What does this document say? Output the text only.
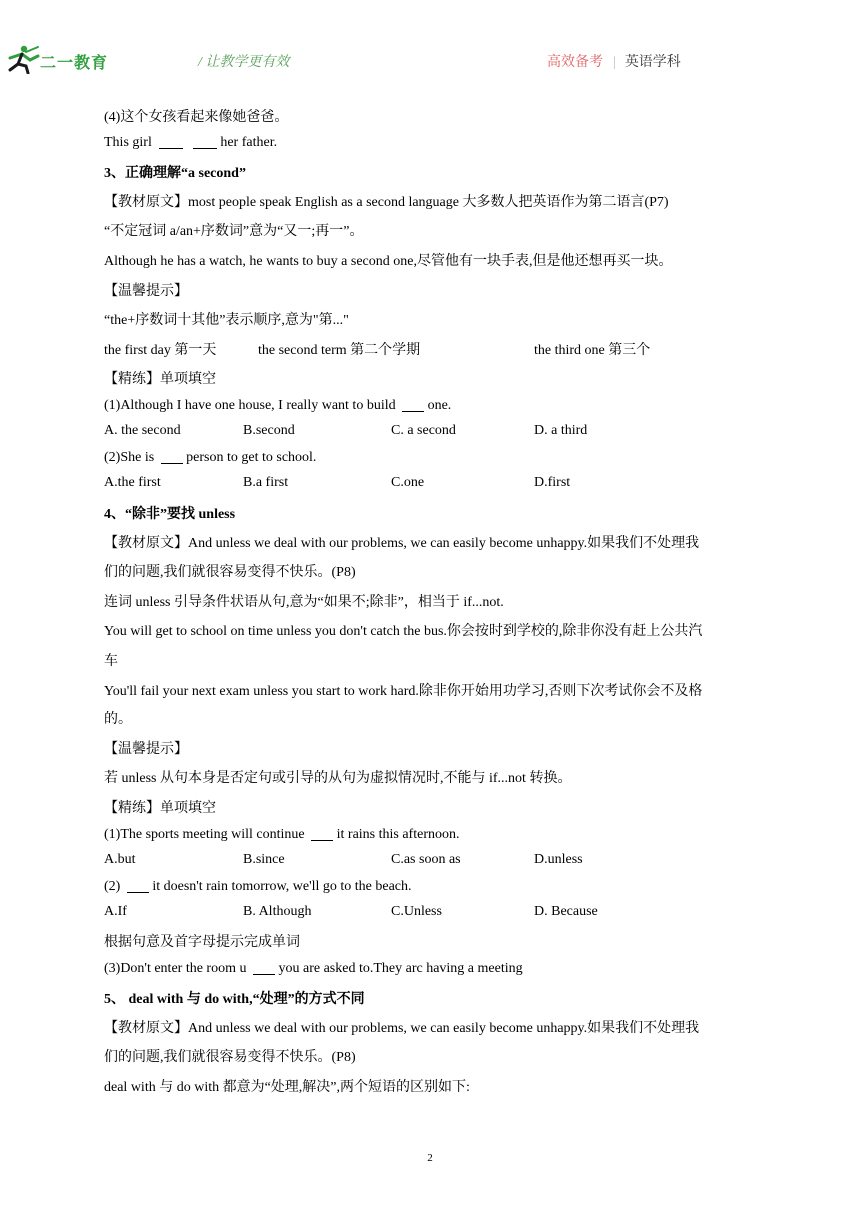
二一教育	/ 让教学更有效	高效备考 | 英语学科
(4)这个女孩看起来像她爸爸。
This girl	her father.
3、正确理解“a second”
【教材原文】most people speak English as a second language 大多数人把英语作为第二语言(P7)
“不定冠词 a/an+序数词”意为“又一;再一”。
Although he has a watch, he wants to buy a second one,尽管他有一块手表,但是他还想再买一块。
【温馨提示】
“the+序数词十其他”表示顺序,意为"第..."
the first day 第一天	the second term 第二个学期	the third one 第三个
【精练】单项填空
(1)Although I have one house, I really want to build one.
A. the second	B.second	C. a second	D. a third
(2)She is person to get to school.
A.the first	B.a first	C.one	D.first
4、“除非”要找 unless
【教材原文】And unless we deal with our problems, we can easily become unhappy.如果我们不处理我
们的问题,我们就很容易变得不快乐。(P8)
连词 unless 引导条件状语从句,意为“如果不;除非”，相当于 if...not.
You will get to school on time unless you don't catch the bus.你会按时到学校的,除非你没有赶上公共汽
车
You'll fail your next exam unless you start to work hard.除非你开始用功学习,否则下次考试你会不及格
的。
【温馨提示】
若 unless 从句本身是否定句或引导的从句为虚拟情况时,不能与 if...not 转换。
【精练】单项填空
(1)The sports meeting will continue it rains this afternoon.
A.but	B.since	C.as soon as	D.unless
(2) it doesn't rain tomorrow, we'll go to the beach.
A.If	B. Although	C.Unless	D. Because
根据句意及首字母提示完成单词
(3)Don't enter the room u you are asked to.They arc having a meeting
5、 deal with 与 do with,“处理”的方式不同
【教材原文】And unless we deal with our problems, we can easily become unhappy.如果我们不处理我
们的问题,我们就很容易变得不快乐。(P8)
deal with 与 do with 都意为“处理,解决”,两个短语的区别如下:
2
